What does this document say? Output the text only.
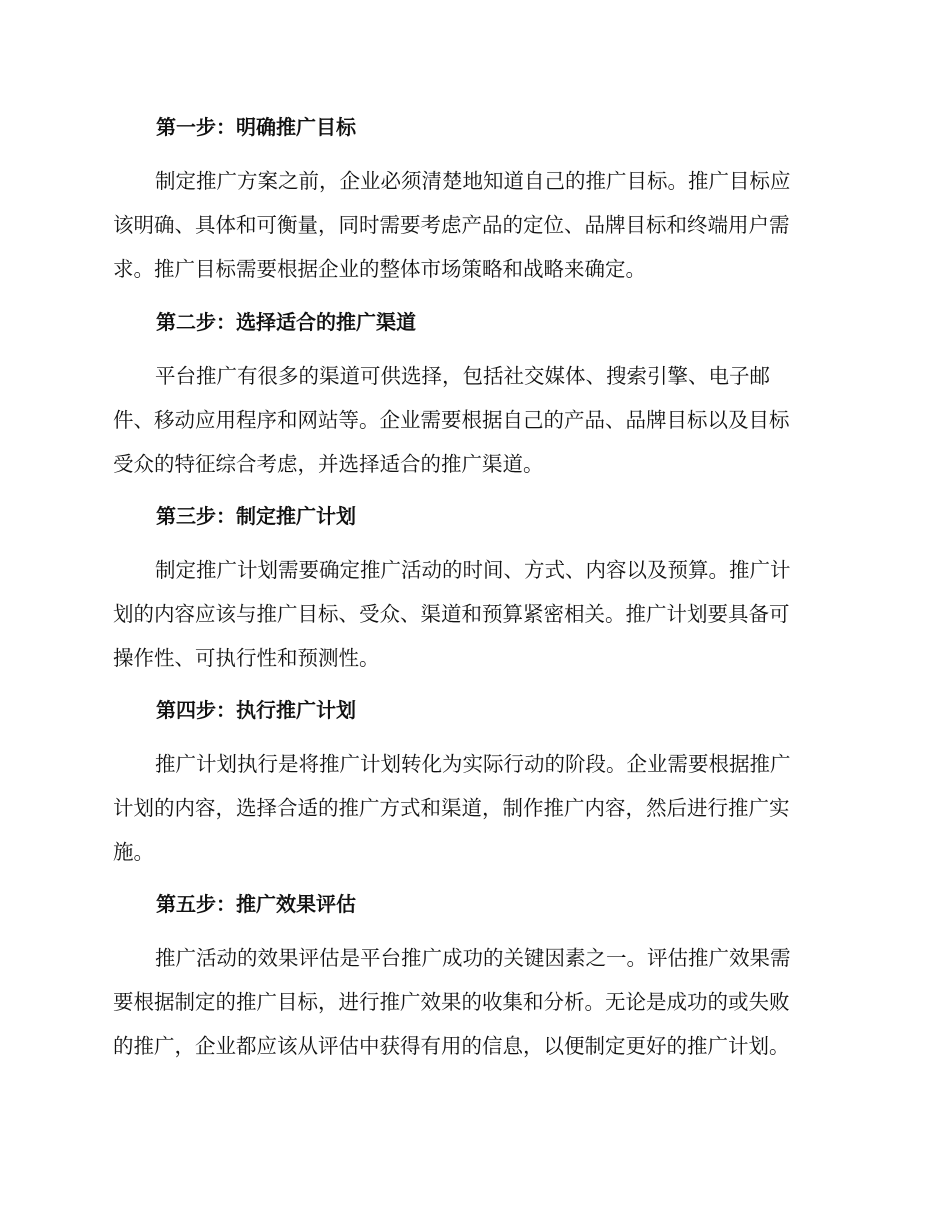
第一步：明确推广目标
制定推广方案之前，企业必须清楚地知道自己的推广目标。推广目标应
该明确、具体和可衡量，同时需要考虑产品的定位、品牌目标和终端用户需
求。推广目标需要根据企业的整体市场策略和战略来确定。
第二步：选择适合的推广渠道
平台推广有很多的渠道可供选择，包括社交媒体、搜索引擎、电子邮
件、移动应用程序和网站等。企业需要根据自己的产品、品牌目标以及目标
受众的特征综合考虑，并选择适合的推广渠道。
第三步：制定推广计划
制定推广计划需要确定推广活动的时间、方式、内容以及预算。推广计
划的内容应该与推广目标、受众、渠道和预算紧密相关。推广计划要具备可
操作性、可执行性和预测性。
第四步：执行推广计划
推广计划执行是将推广计划转化为实际行动的阶段。企业需要根据推广
计划的内容，选择合适的推广方式和渠道，制作推广内容，然后进行推广实
施。
第五步：推广效果评估
推广活动的效果评估是平台推广成功的关键因素之一。评估推广效果需
要根据制定的推广目标，进行推广效果的收集和分析。无论是成功的或失败
的推广，企业都应该从评估中获得有用的信息，以便制定更好的推广计划。
